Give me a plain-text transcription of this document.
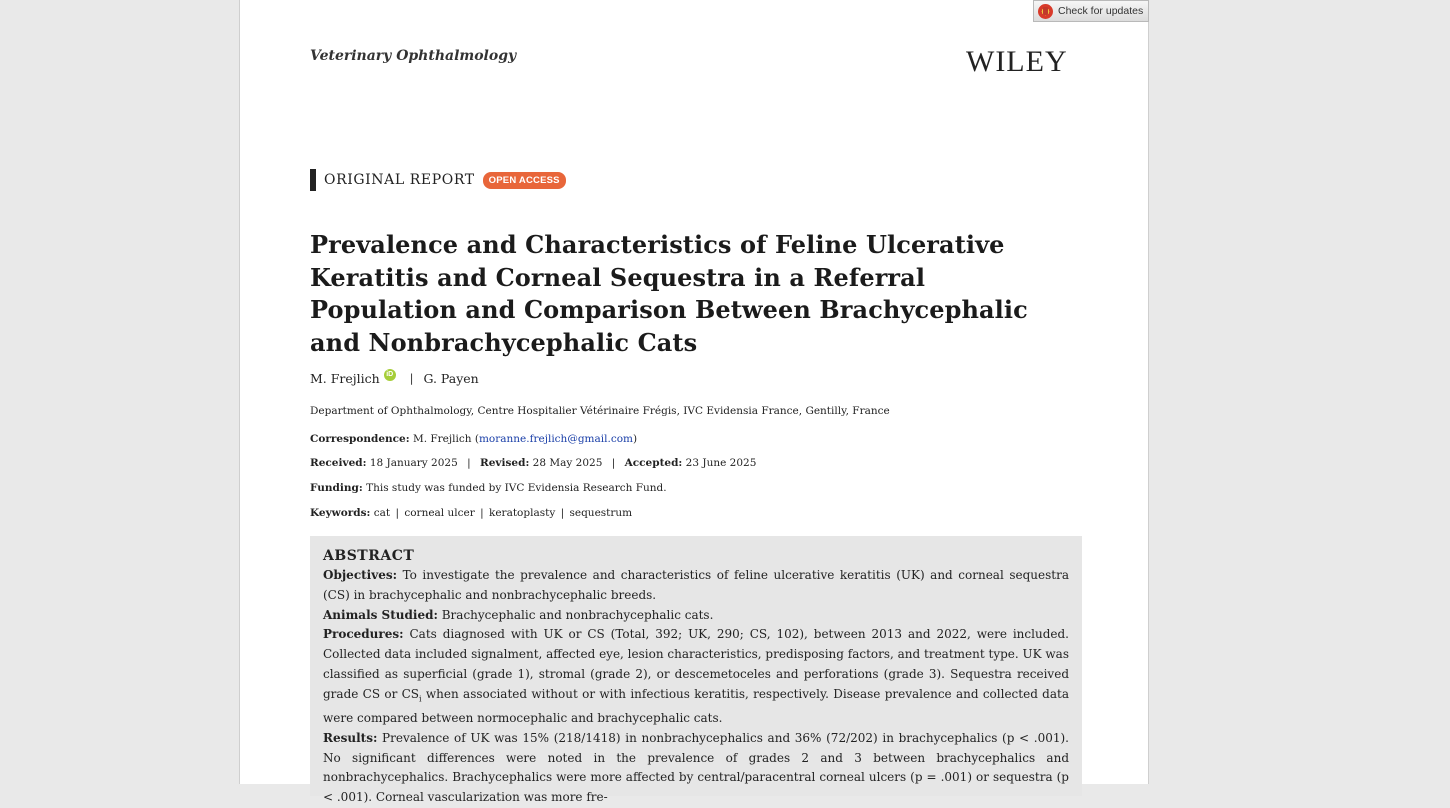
Check for updates
Veterinary Ophthalmology	WILEY
ORIGINAL REPORT	OPEN ACCESS
Prevalence and Characteristics of Feline Ulcerative Keratitis and Corneal Sequestra in a Referral Population and Comparison Between Brachycephalic and Nonbrachycephalic Cats
M. Frejlich iD | G. Payen
Department of Ophthalmology, Centre Hospitalier Vétérinaire Frégis, IVC Evidensia France, Gentilly, France
Correspondence: M. Frejlich (moranne.frejlich@gmail.com)
Received: 18 January 2025 | Revised: 28 May 2025 | Accepted: 23 June 2025
Funding: This study was funded by IVC Evidensia Research Fund.
Keywords: cat | corneal ulcer | keratoplasty | sequestrum
ABSTRACT

Objectives: To investigate the prevalence and characteristics of feline ulcerative keratitis (UK) and corneal sequestra (CS) in brachycephalic and nonbrachycephalic breeds.

Animals Studied: Brachycephalic and nonbrachycephalic cats.

Procedures: Cats diagnosed with UK or CS (Total, 392; UK, 290; CS, 102), between 2013 and 2022, were included. Collected data included signalment, affected eye, lesion characteristics, predisposing factors, and treatment type. UK was classified as superficial (grade 1), stromal (grade 2), or descemetoceles and perforations (grade 3). Sequestra received grade CS or $CS_i$ when associated without or with infectious keratitis, respectively. Disease prevalence and collected data were compared between normocephalic and brachycephalic cats.

Results: Prevalence of UK was 15% (218/1418) in nonbrachycephalics and 36% (72/202) in brachycephalics (p < .001). No significant differences were noted in the prevalence of grades 2 and 3 between brachycephalics and nonbrachycephalics. Brachycephalics were more affected by central/paracentral corneal ulcers (p = .001) or sequestra (p < .001). Corneal vascularization was more fre-
